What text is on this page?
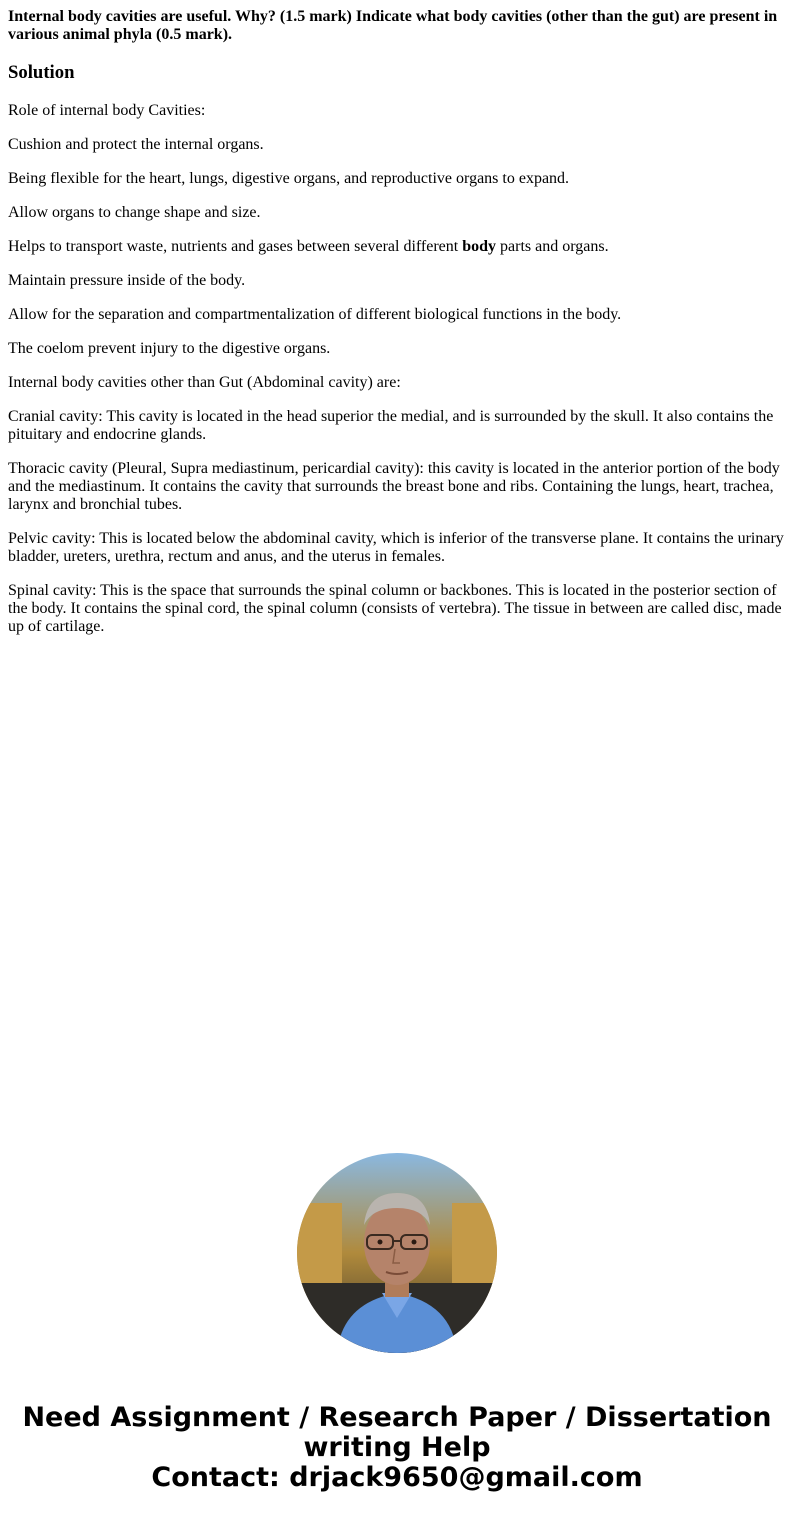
Internal body cavities are useful. Why? (1.5 mark) Indicate what body cavities (other than the gut) are present in various animal phyla (0.5 mark).

Solution

Role of internal body Cavities:

Cushion and protect the internal organs.

Being flexible for the heart, lungs, digestive organs, and reproductive organs to expand.

Allow organs to change shape and size.

Helps to transport waste, nutrients and gases between several different body parts and organs.

Maintain pressure inside of the body.

Allow for the separation and compartmentalization of different biological functions in the body.

The coelom prevent injury to the digestive organs.

Internal body cavities other than Gut (Abdominal cavity) are:

Cranial cavity: This cavity is located in the head superior the medial, and is surrounded by the skull. It also contains the pituitary and endocrine glands.

Thoracic cavity (Pleural, Supra mediastinum, pericardial cavity): this cavity is located in the anterior portion of the body and the mediastinum. It contains the cavity that surrounds the breast bone and ribs. Containing the lungs, heart, trachea, larynx and bronchial tubes.

Pelvic cavity: This is located below the abdominal cavity, which is inferior of the transverse plane. It contains the urinary bladder, ureters, urethra, rectum and anus, and the uterus in females.

Spinal cavity: This is the space that surrounds the spinal column or backbones. This is located in the posterior section of the body. It contains the spinal cord, the spinal column (consists of vertebra). The tissue in between are called disc, made up of cartilage.

Need Assignment / Research Paper / Dissertation
writing Help
Contact: drjack9650@gmail.com
